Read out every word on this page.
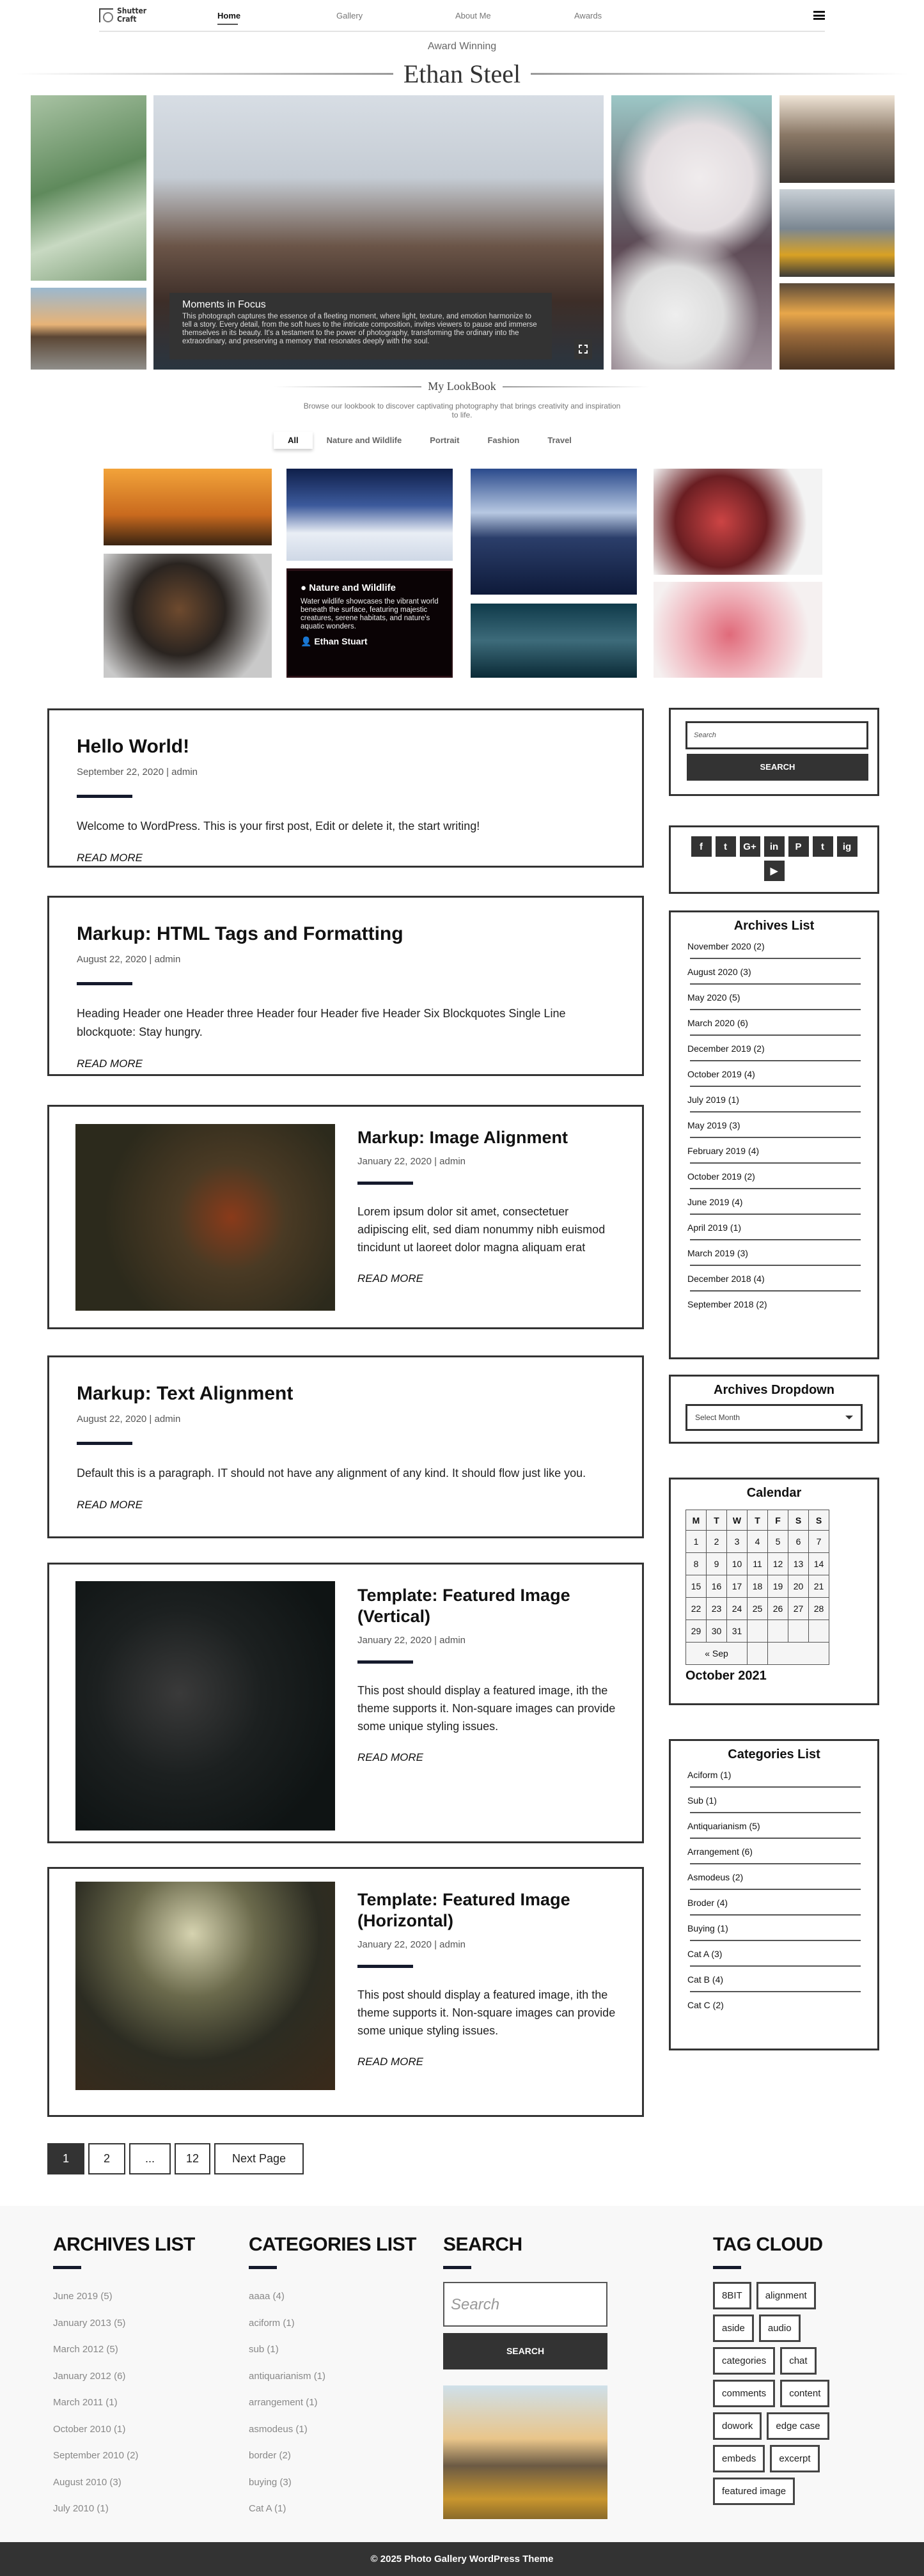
Shutter
Craft	Home	Gallery	About Me	Awards
Award Winning
Ethan Steel
Moments in Focus

This photograph captures the essence of a fleeting moment, where light, texture, and emotion harmonize to tell a story. Every detail, from the soft hues to the intricate composition, invites viewers to pause and immerse themselves in its beauty. It's a testament to the power of photography, transforming the ordinary into the extraordinary, and preserving a memory that resonates deeply with the soul.

My LookBook
Browse our lookbook to discover captivating photography that brings creativity and inspiration to life.
All	Nature and Wildlife	Portrait	Fashion	Travel
● Nature and Wildlife

Water wildlife showcases the vibrant world beneath the surface, featuring majestic creatures, serene habitats, and nature's aquatic wonders.

👤 Ethan Stuart
Hello World!
September 22, 2020 | admin
Welcome to WordPress. This is your first post, Edit or delete it, the start writing!
READ MORE
Markup: HTML Tags and Formatting
August 22, 2020 | admin
Heading Header one Header three Header four Header five Header Six Blockquotes Single Line blockquote: Stay hungry.
READ MORE
Markup: Image Alignment
January 22, 2020 | admin
Lorem ipsum dolor sit amet, consectetuer adipiscing elit, sed diam nonummy nibh euismod tincidunt ut laoreet dolor magna aliquam erat
READ MORE
Markup: Text Alignment
August 22, 2020 | admin
Default this is a paragraph. IT should not have any alignment of any kind. It should flow just like you.
READ MORE
Template: Featured Image (Vertical)
January 22, 2020 | admin
This post should display a featured image, ith the theme supports it. Non-square images can provide some unique styling issues.
READ MORE
Template: Featured Image (Horizontal)
January 22, 2020 | admin
This post should display a featured image, ith the theme supports it. Non-square images can provide some unique styling issues.
READ MORE
Search
SEARCH
f	t	G+	in	P	t	ig
▶
Archives List
November 2020 (2)
August 2020 (3)
May 2020 (5)
March 2020 (6)
December 2019 (2)
October 2019 (4)
July 2019 (1)
May 2019 (3)
February 2019 (4)
October 2019 (2)
June 2019 (4)
April 2019 (1)
March 2019 (3)
December 2018 (4)
September 2018 (2)
Archives Dropdown
Select Month
Calendar
M	T	W	T	F	S	S
1	2	3	4	5	6	7
8	9	10	11	12	13	14
15	16	17	18	19	20	21
22	23	24	25	26	27	28
29	30	31				
« Sep						
October 2021
Categories List
Aciform (1)
Sub (1)
Antiquarianism (5)
Arrangement (6)
Asmodeus (2)
Broder (4)
Buying (1)
Cat A (3)
Cat B (4)
Cat C (2)
1	2	...	12	Next Page
ARCHIVES LIST
June 2019 (5)
January 2013 (5)
March 2012 (5)
January 2012 (6)
March 2011 (1)
October 2010 (1)
September 2010 (2)
August 2010 (3)
July 2010 (1)
CATEGORIES LIST
aaaa (4)
aciform (1)
sub (1)
antiquarianism (1)
arrangement (1)
asmodeus (1)
border (2)
buying (3)
Cat A (1)
SEARCH
Search
SEARCH
TAG CLOUD
8BIT	alignment
aside	audio
categories	chat
comments	content
dowork	edge case
embeds	excerpt
featured image
© 2025 Photo Gallery WordPress Theme
